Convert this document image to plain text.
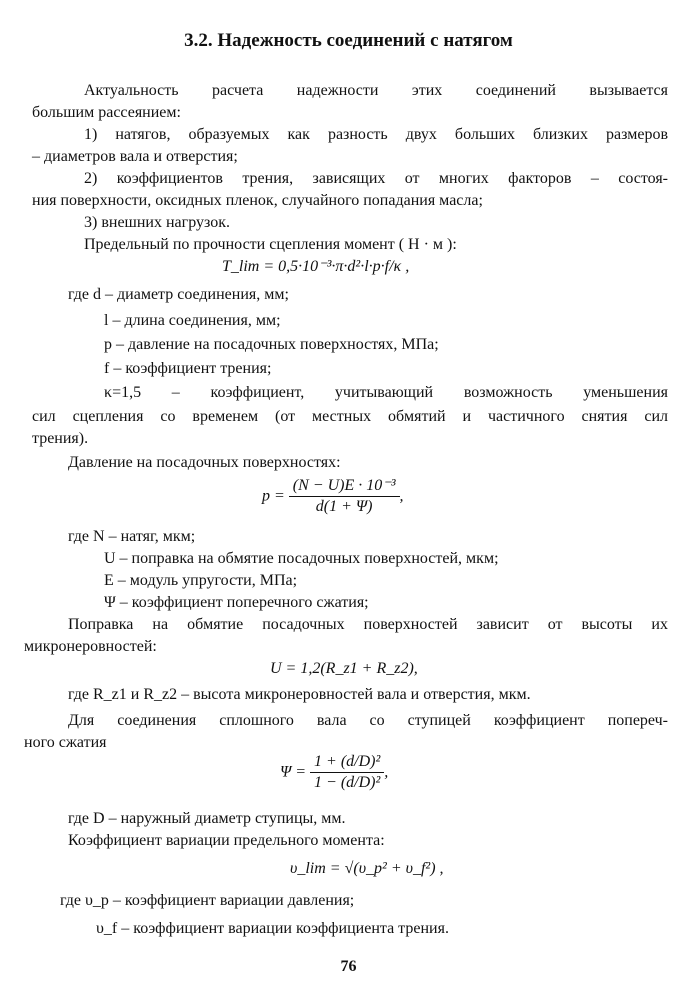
3.2. Надежность соединений с натягом
Актуальность расчета надежности этих соединений вызывается
большим рассеянием:
1) натягов, образуемых как разность двух больших близких размеров
– диаметров вала и отверстия;
2) коэффициентов трения, зависящих от многих факторов – состоя-
ния поверхности, оксидных пленок, случайного попадания масла;
3) внешних нагрузок.
Предельный по прочности сцепления момент ( H · м ):
T_lim = 0,5·10⁻³·π·d²·l·p·f/κ ,
где d – диаметр соединения, мм;
l – длина соединения, мм;
p – давление на посадочных поверхностях, МПа;
f – коэффициент трения;
κ=1,5 – коэффициент, учитывающий возможность уменьшения
сил сцепления со временем (от местных обмятий и частичного снятия сил
трения).
Давление на посадочных поверхностях:
$p = \frac{\text{(N − U)E · 10⁻³}}{d(1 + \Psi)}$ ,
где N – натяг, мкм;
U – поправка на обмятие посадочных поверхностей, мкм;
E – модуль упругости, МПа;
Ψ – коэффициент поперечного сжатия;
Поправка на обмятие посадочных поверхностей зависит от высоты их
микронеровностей:
U = 1,2(R_z1 + R_z2),
где R_z1 и R_z2 – высота микронеровностей вала и отверстия, мкм.
Для соединения сплошного вала со ступицей коэффициент попереч-
ного сжатия
$\Psi = \frac{\text{1 + (d/D)²}}{\text{1 − (d/D)²}}$ ,
где D – наружный диаметр ступицы, мм.
Коэффициент вариации предельного момента:
υ_lim = √(υ_p² + υ_f²) ,
где υ_p – коэффициент вариации давления;
υ_f – коэффициент вариации коэффициента трения.
76
